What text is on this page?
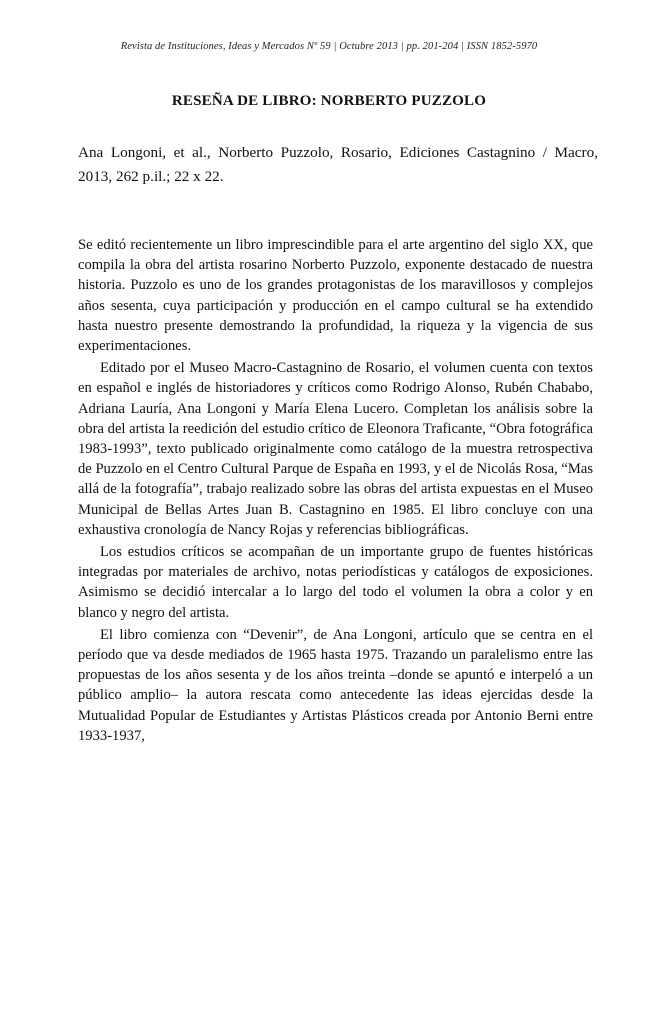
Revista de Instituciones, Ideas y Mercados Nº 59 | Octubre 2013 | pp. 201-204 | ISSN 1852-5970
RESEÑA DE LIBRO: NORBERTO PUZZOLO
Ana Longoni, et al., Norberto Puzzolo, Rosario, Ediciones Castagnino / Macro, 2013, 262 p.il.; 22 x 22.

Se editó recientemente un libro imprescindible para el arte argentino del siglo XX, que compila la obra del artista rosarino Norberto Puzzolo, exponente destacado de nuestra historia. Puzzolo es uno de los grandes protagonistas de los maravillosos y complejos años sesenta, cuya participación y producción en el campo cultural se ha extendido hasta nuestro presente demostrando la profundidad, la riqueza y la vigencia de sus experimentaciones.

Editado por el Museo Macro-Castagnino de Rosario, el volumen cuenta con textos en español e inglés de historiadores y críticos como Rodrigo Alonso, Rubén Chababo, Adriana Lauría, Ana Longoni y María Elena Lucero. Completan los análisis sobre la obra del artista la reedición del estudio crítico de Eleonora Traficante, “Obra fotográfica 1983-1993”, texto publicado originalmente como catálogo de la muestra retrospectiva de Puzzolo en el Centro Cultural Parque de España en 1993, y el de Nicolás Rosa, “Mas allá de la fotografía”, trabajo realizado sobre las obras del artista expuestas en el Museo Municipal de Bellas Artes Juan B. Castagnino en 1985. El libro concluye con una exhaustiva cronología de Nancy Rojas y referencias bibliográficas.

Los estudios críticos se acompañan de un importante grupo de fuentes históricas integradas por materiales de archivo, notas periodísticas y catálogos de exposiciones. Asimismo se decidió intercalar a lo largo del todo el volumen la obra a color y en blanco y negro del artista.

El libro comienza con “Devenir”, de Ana Longoni, artículo que se centra en el período que va desde mediados de 1965 hasta 1975. Trazando un paralelismo entre las propuestas de los años sesenta y de los años treinta –donde se apuntó e interpeló a un público amplio– la autora rescata como antecedente las ideas ejercidas desde la Mutualidad Popular de Estudiantes y Artistas Plásticos creada por Antonio Berni entre 1933-1937,
